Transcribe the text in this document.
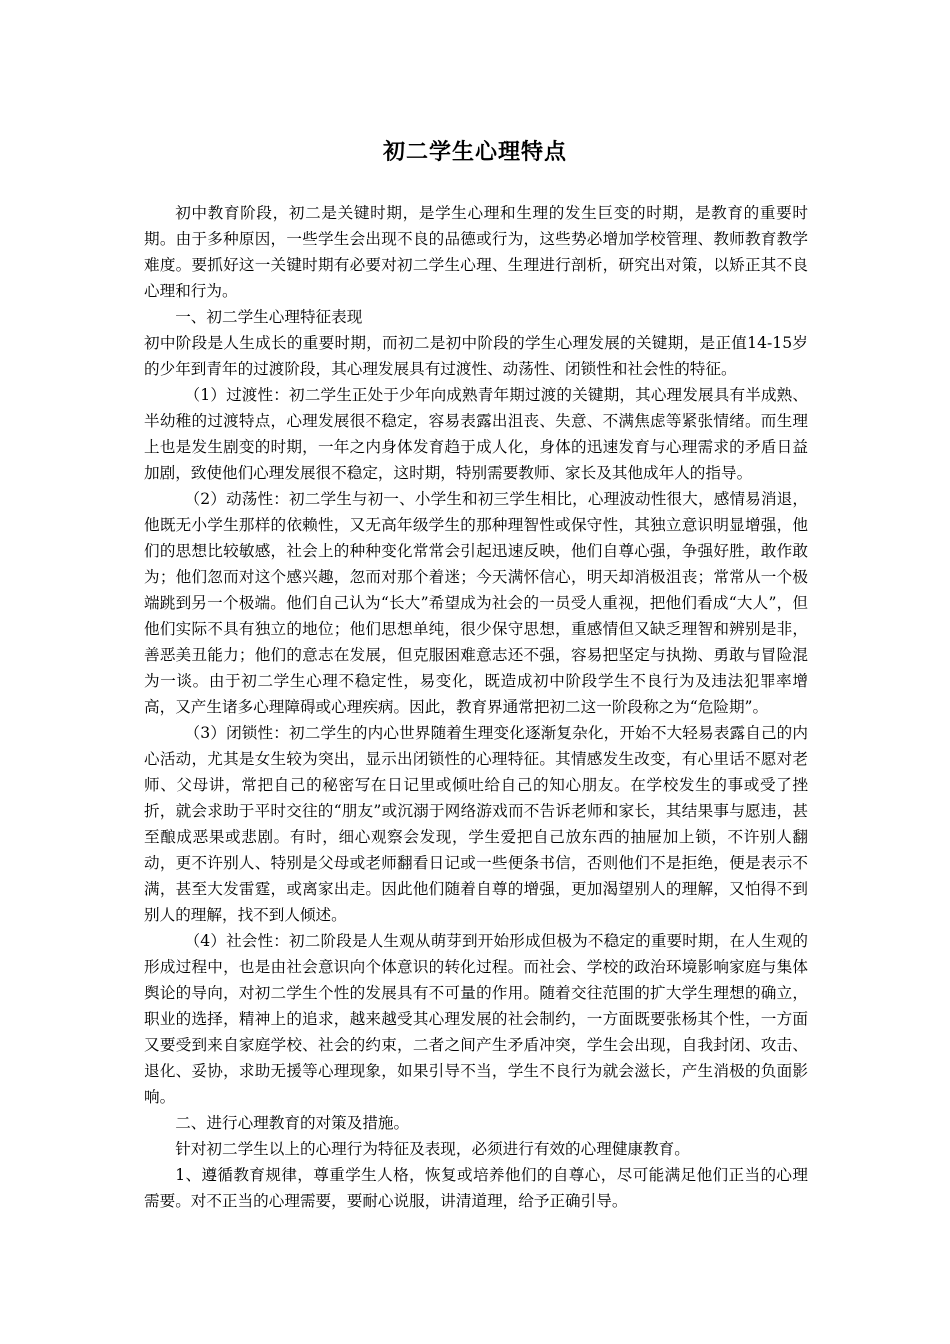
初二学生心理特点

初中教育阶段，初二是关键时期，是学生心理和生理的发生巨变的时期，是教育的重要时期。由于多种原因，一些学生会出现不良的品德或行为，这些势必增加学校管理、教师教育教学难度。要抓好这一关键时期有必要对初二学生心理、生理进行剖析，研究出对策，以矫正其不良心理和行为。

一、初二学生心理特征表现

初中阶段是人生成长的重要时期，而初二是初中阶段的学生心理发展的关键期，是正值14-15岁的少年到青年的过渡阶段，其心理发展具有过渡性、动荡性、闭锁性和社会性的特征。

（1）过渡性：初二学生正处于少年向成熟青年期过渡的关键期，其心理发展具有半成熟、半幼稚的过渡特点，心理发展很不稳定，容易表露出沮丧、失意、不满焦虑等紧张情绪。而生理上也是发生剧变的时期，一年之内身体发育趋于成人化，身体的迅速发育与心理需求的矛盾日益加剧，致使他们心理发展很不稳定，这时期，特别需要教师、家长及其他成年人的指导。

（2）动荡性：初二学生与初一、小学生和初三学生相比，心理波动性很大，感情易消退，他既无小学生那样的依赖性，又无高年级学生的那种理智性或保守性，其独立意识明显增强，他们的思想比较敏感，社会上的种种变化常常会引起迅速反映，他们自尊心强，争强好胜，敢作敢为；他们忽而对这个感兴趣，忽而对那个着迷；今天满怀信心，明天却消极沮丧；常常从一个极端跳到另一个极端。他们自己认为“长大”希望成为社会的一员受人重视，把他们看成“大人”，但他们实际不具有独立的地位；他们思想单纯，很少保守思想，重感情但又缺乏理智和辨别是非，善恶美丑能力；他们的意志在发展，但克服困难意志还不强，容易把坚定与执拗、勇敢与冒险混为一谈。由于初二学生心理不稳定性，易变化，既造成初中阶段学生不良行为及违法犯罪率增高，又产生诸多心理障碍或心理疾病。因此，教育界通常把初二这一阶段称之为“危险期”。

（3）闭锁性：初二学生的内心世界随着生理变化逐渐复杂化，开始不大轻易表露自己的内心活动，尤其是女生较为突出，显示出闭锁性的心理特征。其情感发生改变，有心里话不愿对老师、父母讲，常把自己的秘密写在日记里或倾吐给自己的知心朋友。在学校发生的事或受了挫折，就会求助于平时交往的“朋友”或沉溺于网络游戏而不告诉老师和家长，其结果事与愿违，甚至酿成恶果或悲剧。有时，细心观察会发现，学生爱把自己放东西的抽屉加上锁，不许别人翻动，更不许别人、特别是父母或老师翻看日记或一些便条书信，否则他们不是拒绝，便是表示不满，甚至大发雷霆，或离家出走。因此他们随着自尊的增强，更加渴望别人的理解，又怕得不到别人的理解，找不到人倾述。

（4）社会性：初二阶段是人生观从萌芽到开始形成但极为不稳定的重要时期，在人生观的形成过程中，也是由社会意识向个体意识的转化过程。而社会、学校的政治环境影响家庭与集体舆论的导向，对初二学生个性的发展具有不可量的作用。随着交往范围的扩大学生理想的确立，职业的选择，精神上的追求，越来越受其心理发展的社会制约，一方面既要张杨其个性，一方面又要受到来自家庭学校、社会的约束，二者之间产生矛盾冲突，学生会出现，自我封闭、攻击、退化、妥协，求助无援等心理现象，如果引导不当，学生不良行为就会滋长，产生消极的负面影响。

二、进行心理教育的对策及措施。

针对初二学生以上的心理行为特征及表现，必须进行有效的心理健康教育。

1、遵循教育规律，尊重学生人格，恢复或培养他们的自尊心，尽可能满足他们正当的心理需要。对不正当的心理需要，要耐心说服，讲清道理，给予正确引导。
